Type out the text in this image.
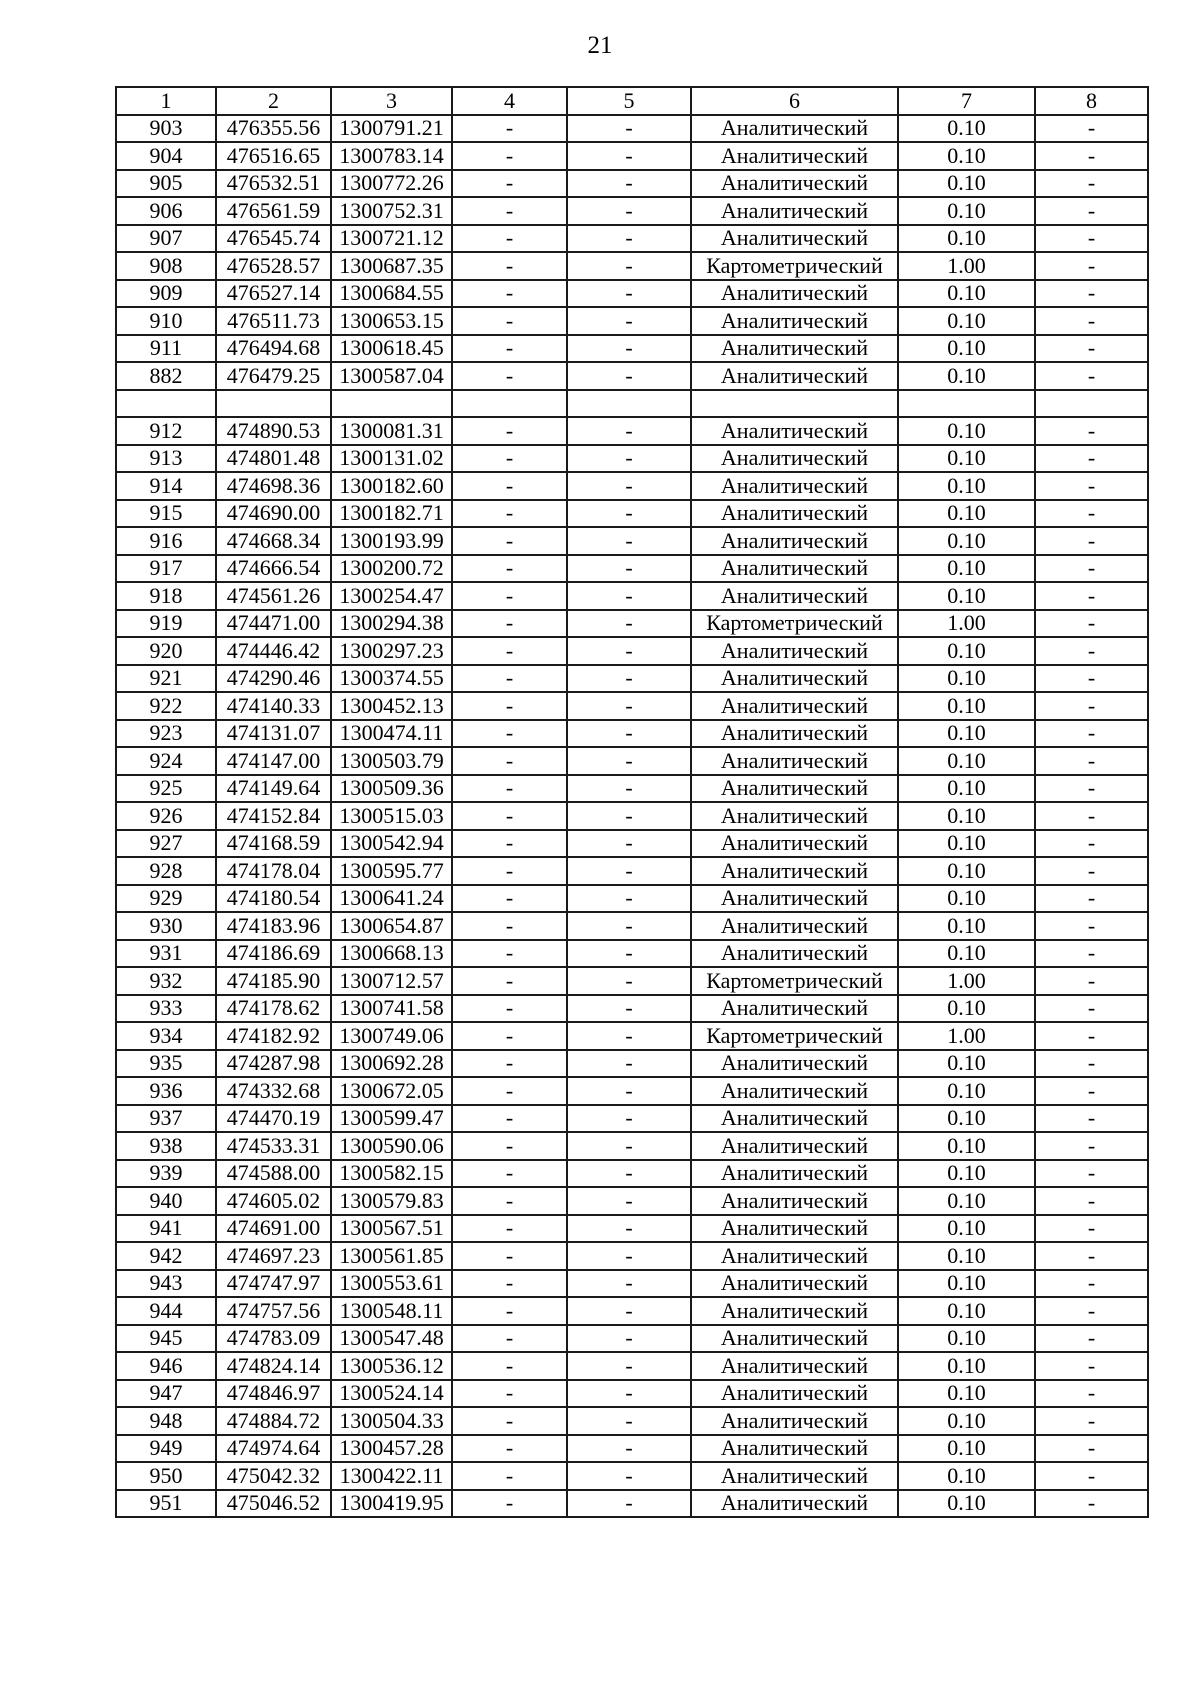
21
1	2	3	4	5	6	7	8
903	476355.56	1300791.21	-	-	Аналитический	0.10	-
904	476516.65	1300783.14	-	-	Аналитический	0.10	-
905	476532.51	1300772.26	-	-	Аналитический	0.10	-
906	476561.59	1300752.31	-	-	Аналитический	0.10	-
907	476545.74	1300721.12	-	-	Аналитический	0.10	-
908	476528.57	1300687.35	-	-	Картометрический	1.00	-
909	476527.14	1300684.55	-	-	Аналитический	0.10	-
910	476511.73	1300653.15	-	-	Аналитический	0.10	-
911	476494.68	1300618.45	-	-	Аналитический	0.10	-
882	476479.25	1300587.04	-	-	Аналитический	0.10	-

912	474890.53	1300081.31	-	-	Аналитический	0.10	-
913	474801.48	1300131.02	-	-	Аналитический	0.10	-
914	474698.36	1300182.60	-	-	Аналитический	0.10	-
915	474690.00	1300182.71	-	-	Аналитический	0.10	-
916	474668.34	1300193.99	-	-	Аналитический	0.10	-
917	474666.54	1300200.72	-	-	Аналитический	0.10	-
918	474561.26	1300254.47	-	-	Аналитический	0.10	-
919	474471.00	1300294.38	-	-	Картометрический	1.00	-
920	474446.42	1300297.23	-	-	Аналитический	0.10	-
921	474290.46	1300374.55	-	-	Аналитический	0.10	-
922	474140.33	1300452.13	-	-	Аналитический	0.10	-
923	474131.07	1300474.11	-	-	Аналитический	0.10	-
924	474147.00	1300503.79	-	-	Аналитический	0.10	-
925	474149.64	1300509.36	-	-	Аналитический	0.10	-
926	474152.84	1300515.03	-	-	Аналитический	0.10	-
927	474168.59	1300542.94	-	-	Аналитический	0.10	-
928	474178.04	1300595.77	-	-	Аналитический	0.10	-
929	474180.54	1300641.24	-	-	Аналитический	0.10	-
930	474183.96	1300654.87	-	-	Аналитический	0.10	-
931	474186.69	1300668.13	-	-	Аналитический	0.10	-
932	474185.90	1300712.57	-	-	Картометрический	1.00	-
933	474178.62	1300741.58	-	-	Аналитический	0.10	-
934	474182.92	1300749.06	-	-	Картометрический	1.00	-
935	474287.98	1300692.28	-	-	Аналитический	0.10	-
936	474332.68	1300672.05	-	-	Аналитический	0.10	-
937	474470.19	1300599.47	-	-	Аналитический	0.10	-
938	474533.31	1300590.06	-	-	Аналитический	0.10	-
939	474588.00	1300582.15	-	-	Аналитический	0.10	-
940	474605.02	1300579.83	-	-	Аналитический	0.10	-
941	474691.00	1300567.51	-	-	Аналитический	0.10	-
942	474697.23	1300561.85	-	-	Аналитический	0.10	-
943	474747.97	1300553.61	-	-	Аналитический	0.10	-
944	474757.56	1300548.11	-	-	Аналитический	0.10	-
945	474783.09	1300547.48	-	-	Аналитический	0.10	-
946	474824.14	1300536.12	-	-	Аналитический	0.10	-
947	474846.97	1300524.14	-	-	Аналитический	0.10	-
948	474884.72	1300504.33	-	-	Аналитический	0.10	-
949	474974.64	1300457.28	-	-	Аналитический	0.10	-
950	475042.32	1300422.11	-	-	Аналитический	0.10	-
951	475046.52	1300419.95	-	-	Аналитический	0.10	-
